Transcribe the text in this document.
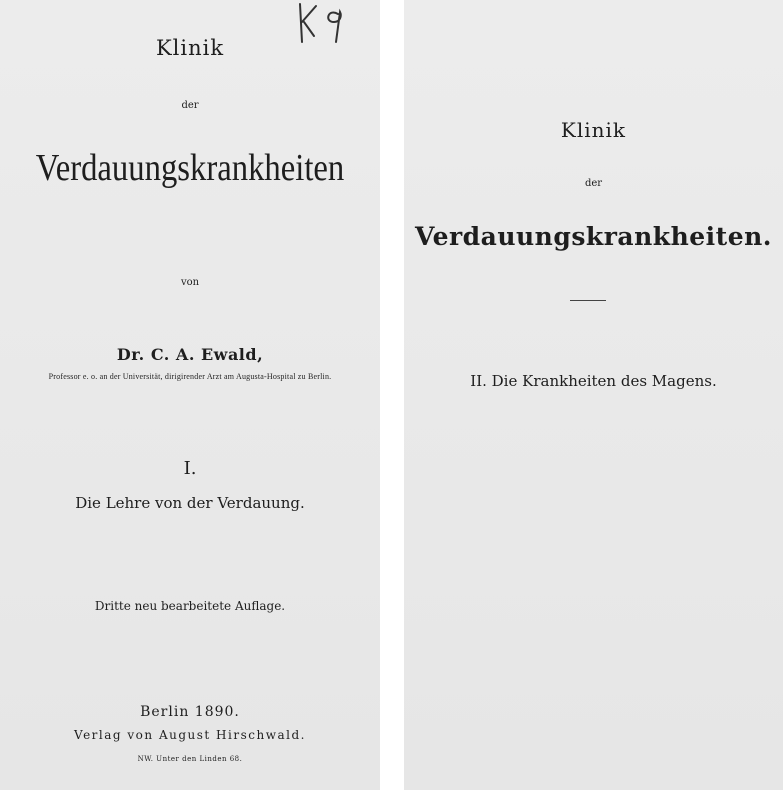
Klinik

der

Verdauungskrankheiten

von

Dr. C. A. Ewald,

Professor e. o. an der Universität, dirigirender Arzt am Augusta-Hospital zu Berlin.

I.

Die Lehre von der Verdauung.

Dritte neu bearbeitete Auflage.

Berlin 1890.

Verlag von August Hirschwald.

NW. Unter den Linden 68.

Klinik

der

Verdauungskrankheiten.

II. Die Krankheiten des Magens.
